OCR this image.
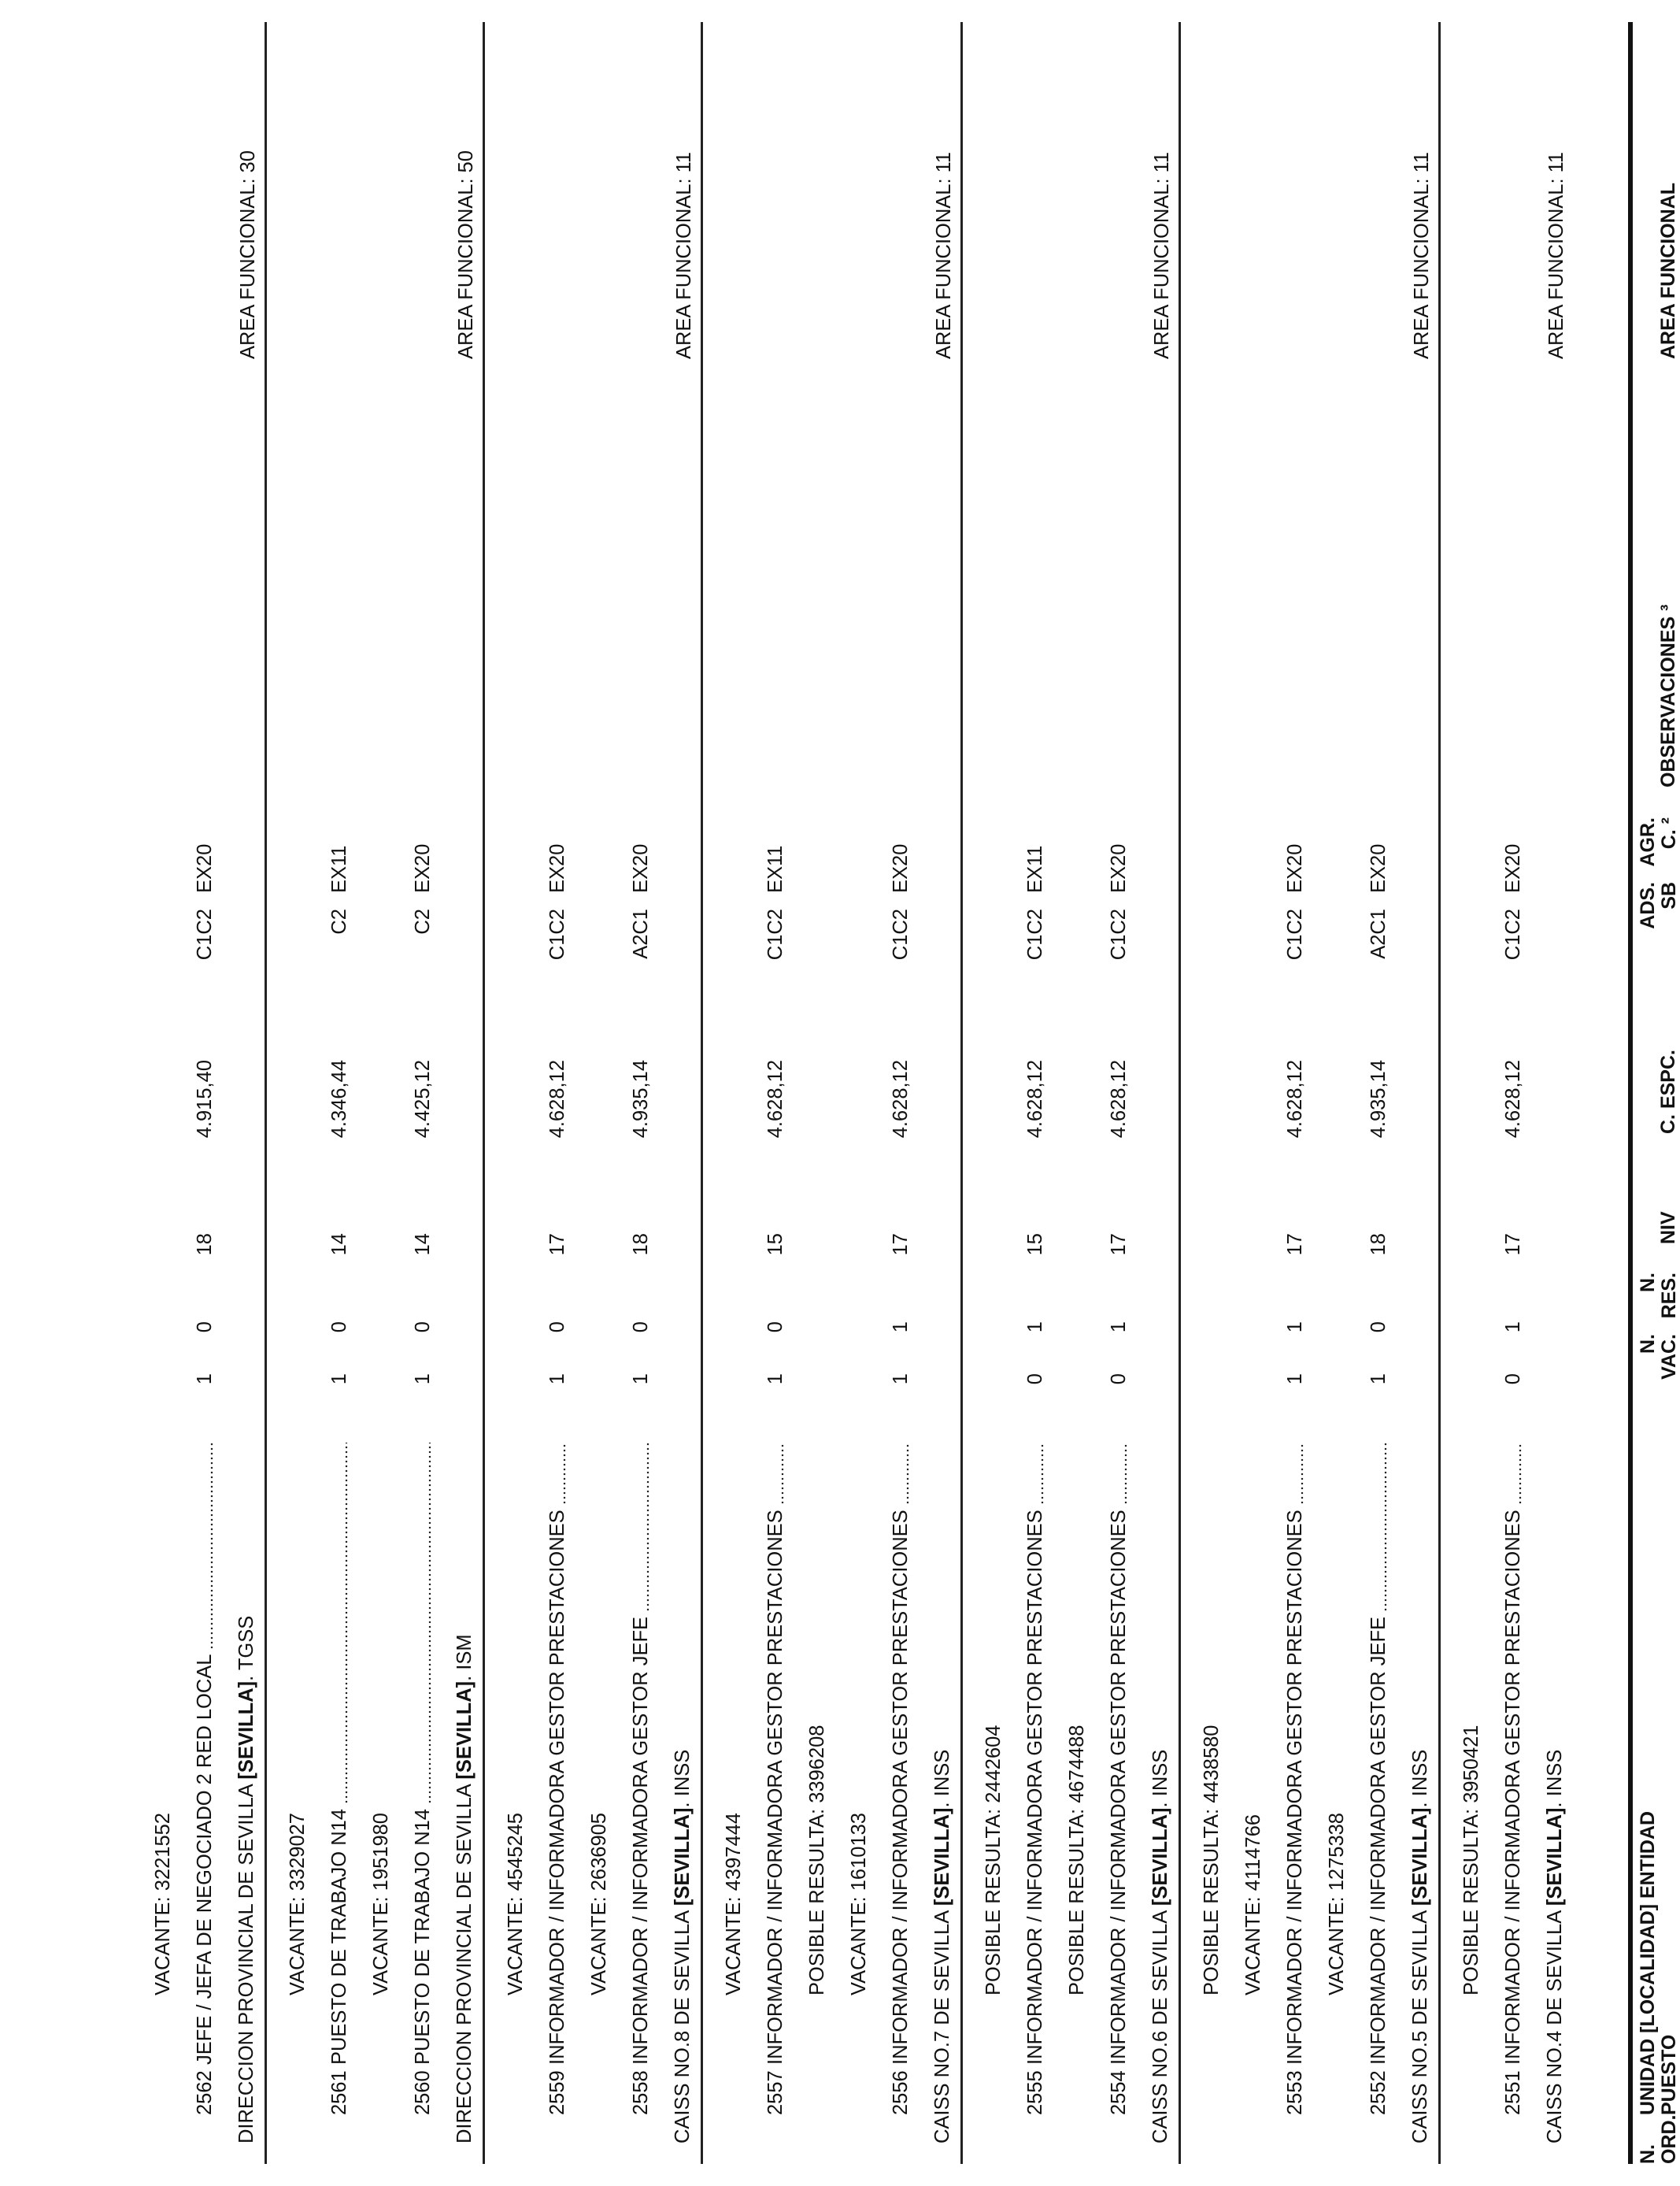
N. ORD.
UNIDAD [LOCALIDAD] ENTIDAD PUESTO
N. VAC.
N. RES.
NIV
C. ESPC.
ADS. SB
AGR. C. ²
OBSERVACIONES ³
AREA FUNCIONAL
CAISS NO.4 DE SEVILLA [SEVILLA]. INSS
AREA FUNCIONAL: 11
2551
INFORMADOR / INFORMADORA GESTOR PRESTACIONES
0
1
17
4.628,12
C1C2
EX20
POSIBLE RESULTA: 3950421
CAISS NO.5 DE SEVILLA [SEVILLA]. INSS
AREA FUNCIONAL: 11
2552
INFORMADOR / INFORMADORA GESTOR JEFE
1
0
18
4.935,14
A2C1
EX20
VACANTE: 1275338
2553
INFORMADOR / INFORMADORA GESTOR PRESTACIONES
1
1
17
4.628,12
C1C2
EX20
VACANTE: 4114766
POSIBLE RESULTA: 4438580
CAISS NO.6 DE SEVILLA [SEVILLA]. INSS
AREA FUNCIONAL: 11
2554
INFORMADOR / INFORMADORA GESTOR PRESTACIONES
0
1
17
4.628,12
C1C2
EX20
POSIBLE RESULTA: 4674488
2555
INFORMADOR / INFORMADORA GESTOR PRESTACIONES
0
1
15
4.628,12
C1C2
EX11
POSIBLE RESULTA: 2442604
CAISS NO.7 DE SEVILLA [SEVILLA]. INSS
AREA FUNCIONAL: 11
2556
INFORMADOR / INFORMADORA GESTOR PRESTACIONES
1
1
17
4.628,12
C1C2
EX20
VACANTE: 1610133
POSIBLE RESULTA: 3396208
2557
INFORMADOR / INFORMADORA GESTOR PRESTACIONES
1
0
15
4.628,12
C1C2
EX11
VACANTE: 4397444
CAISS NO.8 DE SEVILLA [SEVILLA]. INSS
AREA FUNCIONAL: 11
2558
INFORMADOR / INFORMADORA GESTOR JEFE
1
0
18
4.935,14
A2C1
EX20
VACANTE: 2636905
2559
INFORMADOR / INFORMADORA GESTOR PRESTACIONES
1
0
17
4.628,12
C1C2
EX20
VACANTE: 4545245
DIRECCION PROVINCIAL DE SEVILLA [SEVILLA]. ISM
AREA FUNCIONAL: 50
2560
PUESTO DE TRABAJO N14
1
0
14
4.425,12
C2
EX20
VACANTE: 1951980
2561
PUESTO DE TRABAJO N14
1
0
14
4.346,44
C2
EX11
VACANTE: 3329027
DIRECCION PROVINCIAL DE SEVILLA [SEVILLA]. TGSS
AREA FUNCIONAL: 30
2562
JEFE / JEFA DE NEGOCIADO 2 RED LOCAL
1
0
18
4.915,40
C1C2
EX20
VACANTE: 3221552
